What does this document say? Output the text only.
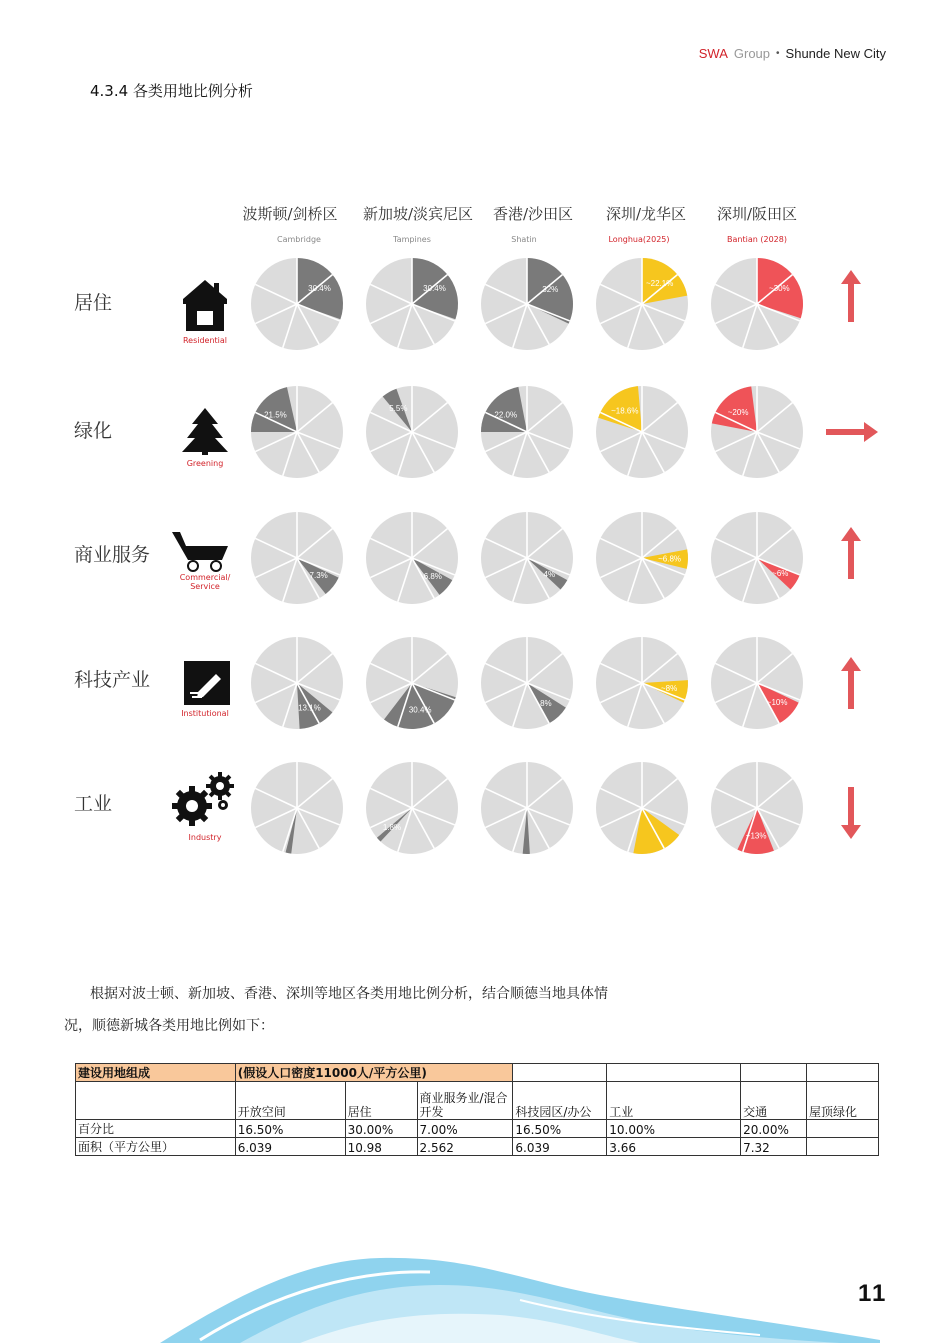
SWA Group • Shunde New City
4.3.4 各类用地比例分析
波斯顿/剑桥区	新加坡/淡宾尼区	香港/沙田区	深圳/龙华区	深圳/阪田区
Cambridge	Tampines	Shatin	Longhua(2025)	Bantian (2028)
居住
绿化
商业服务
科技产业
工业
Residential
Greening
Commercial/ Service
Institutional
Industry
30.4%	30.4%	32%
~22.1%
~30%
21.5%
5.5%
22.0%	~18.6%	~20%
7.3%	6.8%	4%
~6.8%
~6%
13.1%	30.4%
8%
~8%
~10%
1.8%
~13%
根据对波士顿、新加坡、香港、深圳等地区各类用地比例分析，结合顺德当地具体情
况，顺德新城各类用地比例如下：
建设用地组成	(假设人口密度11000人/平方公里)						
	开放空间	居住	商业服务业/混合开发	科技园区/办公	工业	交通	屋顶绿化
百分比	16.50%	30.00%	7.00%	16.50%	10.00%	20.00%	
面积（平方公里）	6.039	10.98	2.562	6.039	3.66	7.32	
11
